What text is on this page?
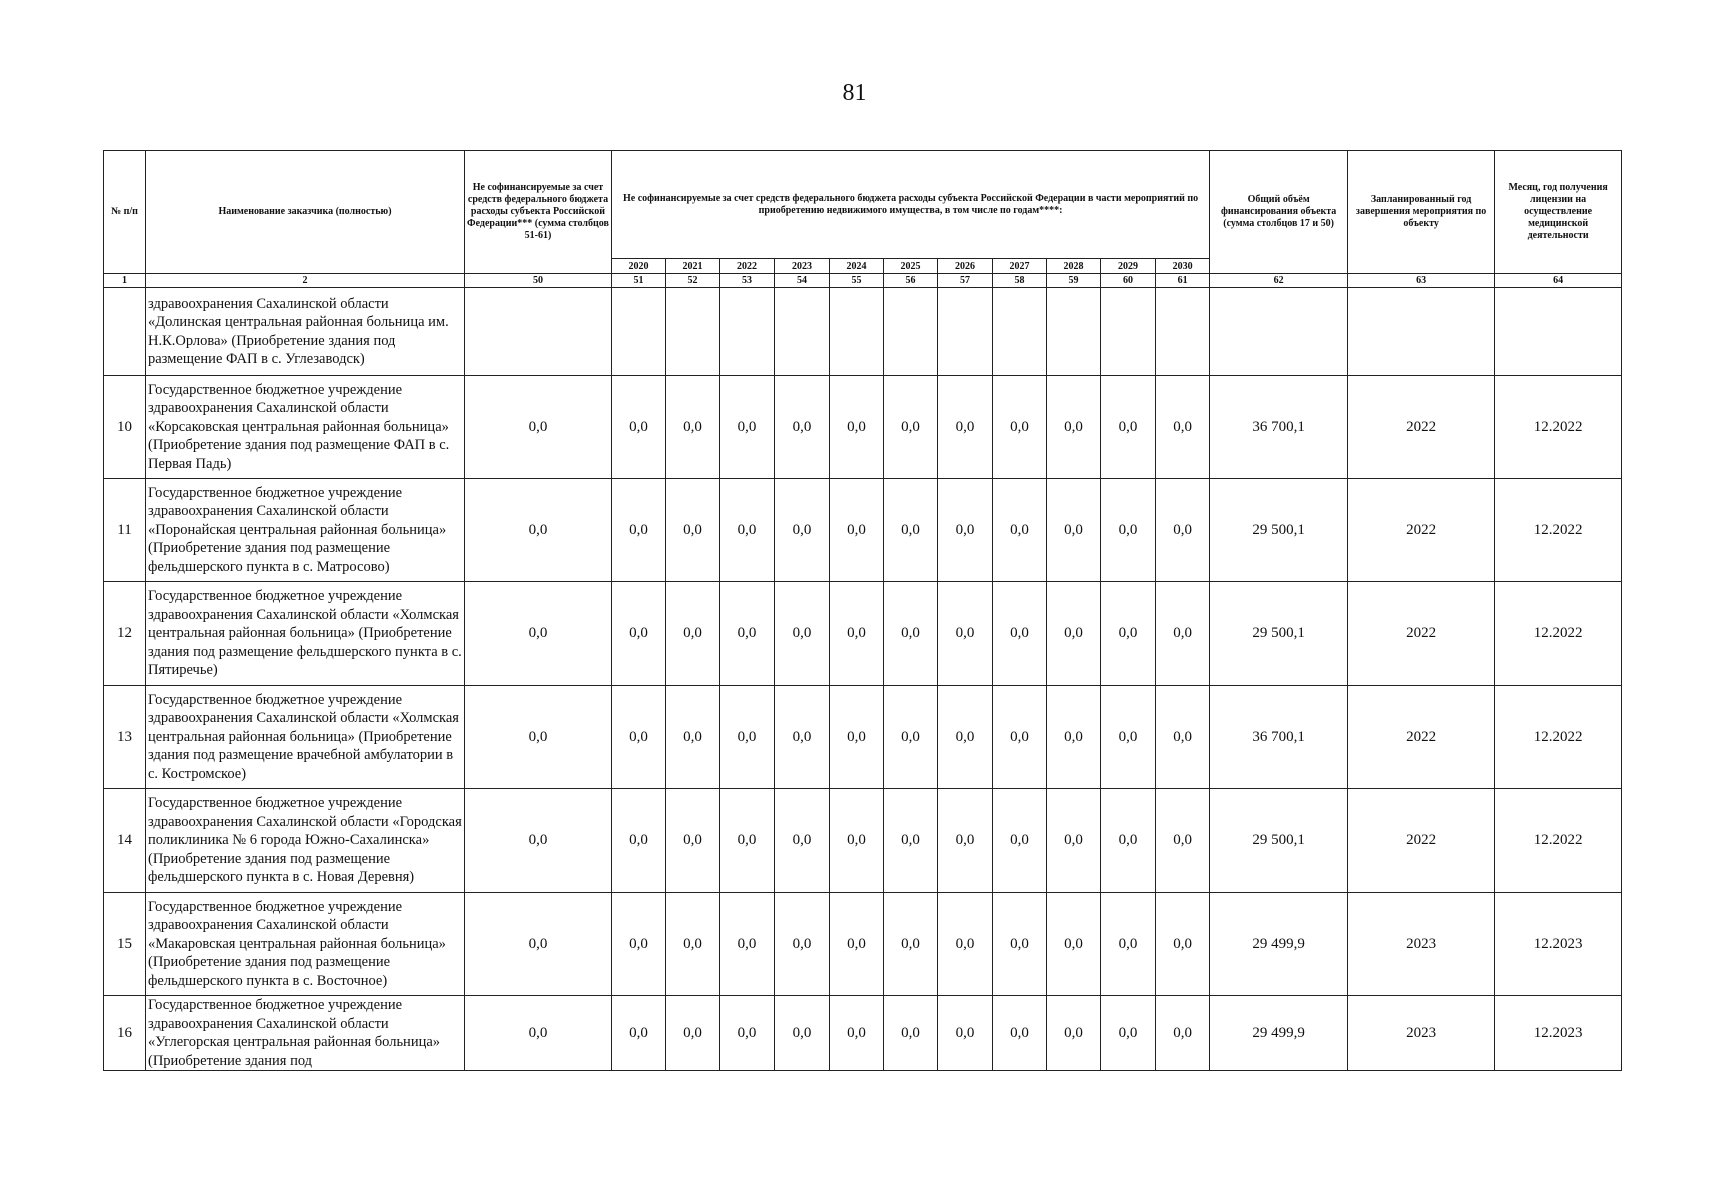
81
№ п/п	Наименование заказчика (полностью)	Не софинансируемые за счет средств федерального бюджета расходы субъекта Российской Федерации*** (сумма столбцов 51-61)	Не софинансируемые за счет средств федерального бюджета расходы субъекта Российской Федерации в части мероприятий по приобретению недвижимого имущества, в том числе по годам****:											Общий объём финансирования объекта (сумма столбцов 17 и 50)	Запланированный год завершения мероприятия по объекту	Месяц, год получения лицензии на осуществление медицинской деятельности
			2020	2021	2022	2023	2024	2025	2026	2027	2028	2029	2030			
1	2	50	51	52	53	54	55	56	57	58	59	60	61	62	63	64
	здравоохранения Сахалинской области «Долинская центральная районная больница им. Н.К.Орлова» (Приобретение здания под размещение ФАП в с. Углезаводск)															
10	Государственное бюджетное учреждение здравоохранения Сахалинской области «Корсаковская центральная районная больница» (Приобретение здания под размещение ФАП в с. Первая Падь)	0,0	0,0	0,0	0,0	0,0	0,0	0,0	0,0	0,0	0,0	0,0	0,0	36 700,1	2022	12.2022
11	Государственное бюджетное учреждение здравоохранения Сахалинской области «Поронайская центральная районная больница» (Приобретение здания под размещение фельдшерского пункта в с. Матросово)	0,0	0,0	0,0	0,0	0,0	0,0	0,0	0,0	0,0	0,0	0,0	0,0	29 500,1	2022	12.2022
12	Государственное бюджетное учреждение здравоохранения Сахалинской области «Холмская центральная районная больница» (Приобретение здания под размещение фельдшерского пункта в с. Пятиречье)	0,0	0,0	0,0	0,0	0,0	0,0	0,0	0,0	0,0	0,0	0,0	0,0	29 500,1	2022	12.2022
13	Государственное бюджетное учреждение здравоохранения Сахалинской области «Холмская центральная районная больница» (Приобретение здания под размещение врачебной амбулатории в с. Костромское)	0,0	0,0	0,0	0,0	0,0	0,0	0,0	0,0	0,0	0,0	0,0	0,0	36 700,1	2022	12.2022
14	Государственное бюджетное учреждение здравоохранения Сахалинской области «Городская поликлиника № 6 города Южно-Сахалинска» (Приобретение здания под размещение фельдшерского пункта в с. Новая Деревня)	0,0	0,0	0,0	0,0	0,0	0,0	0,0	0,0	0,0	0,0	0,0	0,0	29 500,1	2022	12.2022
15	Государственное бюджетное учреждение здравоохранения Сахалинской области «Макаровская центральная районная больница» (Приобретение здания под размещение фельдшерского пункта в с. Восточное)	0,0	0,0	0,0	0,0	0,0	0,0	0,0	0,0	0,0	0,0	0,0	0,0	29 499,9	2023	12.2023
16	Государственное бюджетное учреждение здравоохранения Сахалинской области «Углегорская центральная районная больница» (Приобретение здания под	0,0	0,0	0,0	0,0	0,0	0,0	0,0	0,0	0,0	0,0	0,0	0,0	29 499,9	2023	12.2023
